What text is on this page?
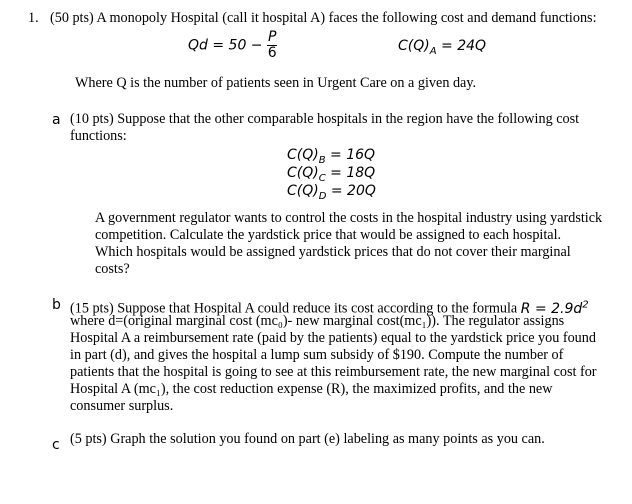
1. (50 pts) A monopoly Hospital (call it hospital A) faces the following cost and demand functions:
$Qd = 50 - \frac{P}{6}$	$C(Q)_A = 24Q$
Where Q is the number of patients seen in Urgent Care on a given day.
a (10 pts) Suppose that the other comparable hospitals in the region have the following cost
functions:
$C(Q)_B = 16Q$
$C(Q)_C = 18Q$
$C(Q)_D = 20Q$
A government regulator wants to control the costs in the hospital industry using yardstick
competition. Calculate the yardstick price that would be assigned to each hospital.
Which hospitals would be assigned yardstick prices that do not cover their marginal
costs?
b (15 pts) Suppose that Hospital A could reduce its cost according to the formula $R = 2.9d^2$
where d=(original marginal cost (mc₀)- new marginal cost(mc₁)). The regulator assigns
Hospital A a reimbursement rate (paid by the patients) equal to the yardstick price you found
in part (d), and gives the hospital a lump sum subsidy of $190. Compute the number of
patients that the hospital is going to see at this reimbursement rate, the new marginal cost for
Hospital A (mc₁), the cost reduction expense (R), the maximized profits, and the new
consumer surplus.
c (5 pts) Graph the solution you found on part (e) labeling as many points as you can.
